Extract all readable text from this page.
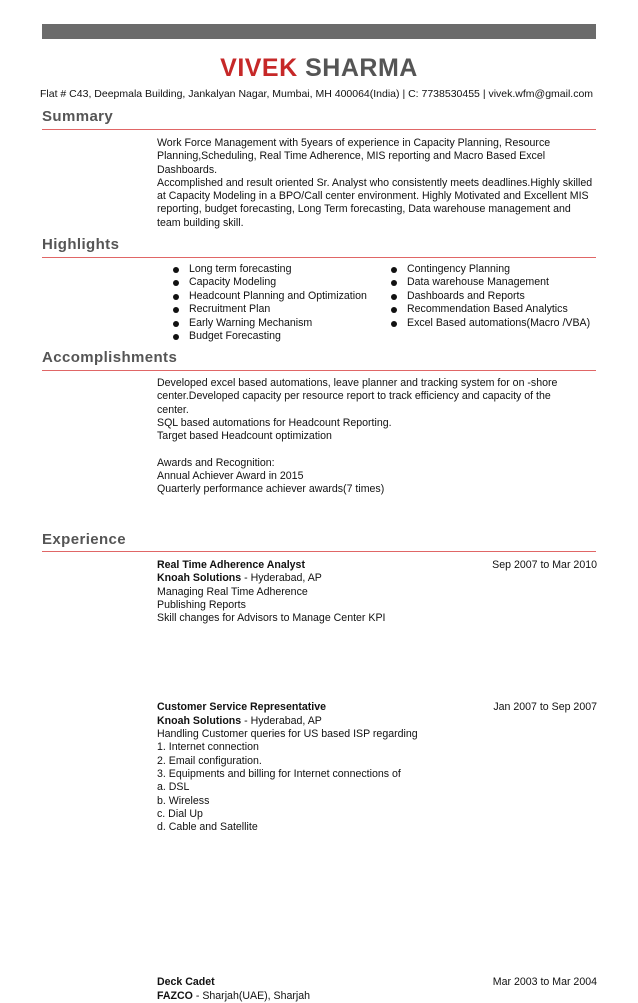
VIVEK SHARMA
Flat # C43, Deepmala Building, Jankalyan Nagar, Mumbai, MH 400064(India) | C: 7738530455 | vivek.wfm@gmail.com
Summary
Work Force Management with 5years of experience in Capacity Planning, Resource
Planning,Scheduling, Real Time Adherence, MIS reporting and Macro Based Excel
Dashboards.
Accomplished and result oriented Sr. Analyst who consistently meets deadlines.Highly skilled
at Capacity Modeling in a BPO/Call center environment. Highly Motivated and Excellent MIS
reporting, budget forecasting, Long Term forecasting, Data warehouse management and
team building skill.
Highlights
Long term forecasting
Capacity Modeling
Headcount Planning and Optimization
Recruitment Plan
Early Warning Mechanism
Budget Forecasting
Contingency Planning
Data warehouse Management
Dashboards and Reports
Recommendation Based Analytics
Excel Based automations(Macro /VBA)
Accomplishments
Developed excel based automations, leave planner and tracking system for on -shore
center.Developed capacity per resource report to track efficiency and capacity of the
center.
SQL based automations for Headcount Reporting.
Target based Headcount optimization
Awards and Recognition:
Annual Achiever Award in 2015
Quarterly performance achiever awards(7 times)
Experience
Real Time Adherence Analyst	Sep 2007 to Mar 2010
Knoah Solutions - Hyderabad, AP
Managing Real Time Adherence
Publishing Reports
Skill changes for Advisors to Manage Center KPI
Customer Service Representative	Jan 2007 to Sep 2007
Knoah Solutions - Hyderabad, AP
Handling Customer queries for US based ISP regarding
1. Internet connection
2. Email configuration.
3. Equipments and billing for Internet connections of
a. DSL
b. Wireless
c. Dial Up
d. Cable and Satellite
Deck Cadet	Mar 2003 to Mar 2004
FAZCO - Sharjah(UAE), Sharjah
